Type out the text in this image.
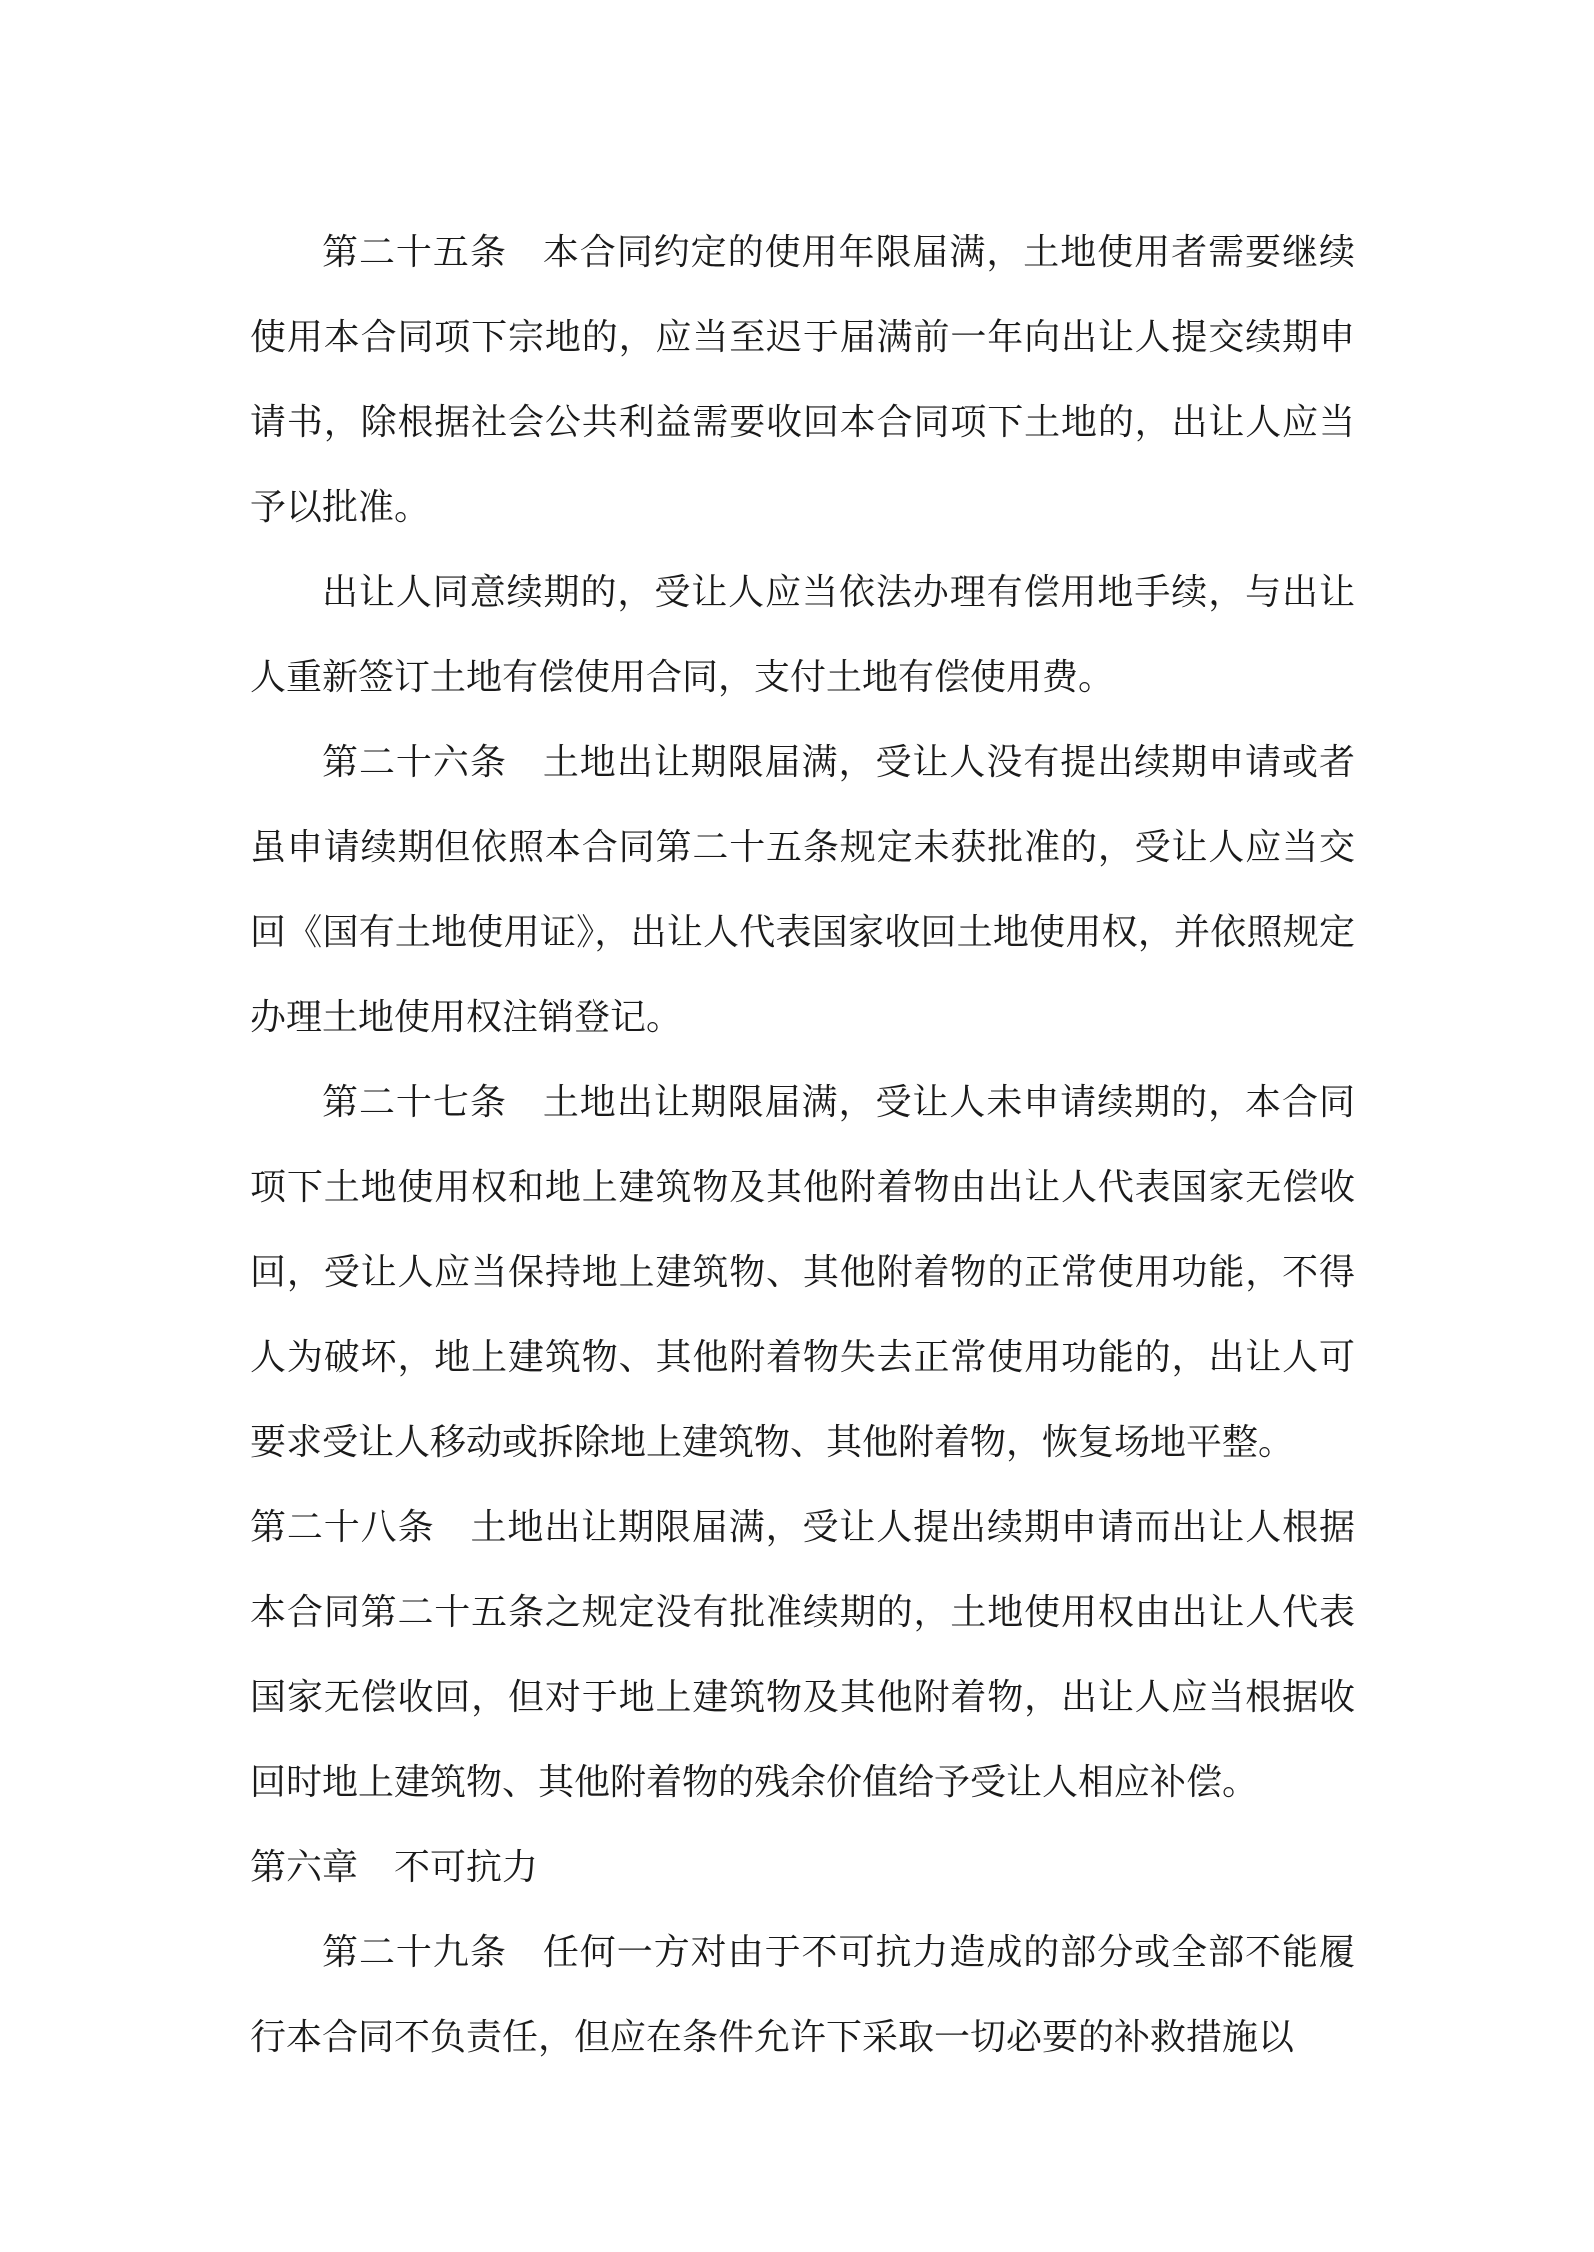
第二十五条 本合同约定的使用年限届满，土地使用者需要继续使用本合同项下宗地的，应当至迟于届满前一年向出让人提交续期申请书，除根据社会公共利益需要收回本合同项下土地的，出让人应当予以批准。

出让人同意续期的，受让人应当依法办理有偿用地手续，与出让人重新签订土地有偿使用合同，支付土地有偿使用费。

第二十六条 土地出让期限届满，受让人没有提出续期申请或者虽申请续期但依照本合同第二十五条规定未获批准的，受让人应当交回《国有土地使用证》，出让人代表国家收回土地使用权，并依照规定办理土地使用权注销登记。

第二十七条 土地出让期限届满，受让人未申请续期的，本合同项下土地使用权和地上建筑物及其他附着物由出让人代表国家无偿收回，受让人应当保持地上建筑物、其他附着物的正常使用功能，不得人为破坏，地上建筑物、其他附着物失去正常使用功能的，出让人可要求受让人移动或拆除地上建筑物、其他附着物，恢复场地平整。

第二十八条 土地出让期限届满，受让人提出续期申请而出让人根据本合同第二十五条之规定没有批准续期的，土地使用权由出让人代表国家无偿收回，但对于地上建筑物及其他附着物，出让人应当根据收回时地上建筑物、其他附着物的残余价值给予受让人相应补偿。

第六章 不可抗力

第二十九条 任何一方对由于不可抗力造成的部分或全部不能履行本合同不负责任，但应在条件允许下采取一切必要的补救措施以
